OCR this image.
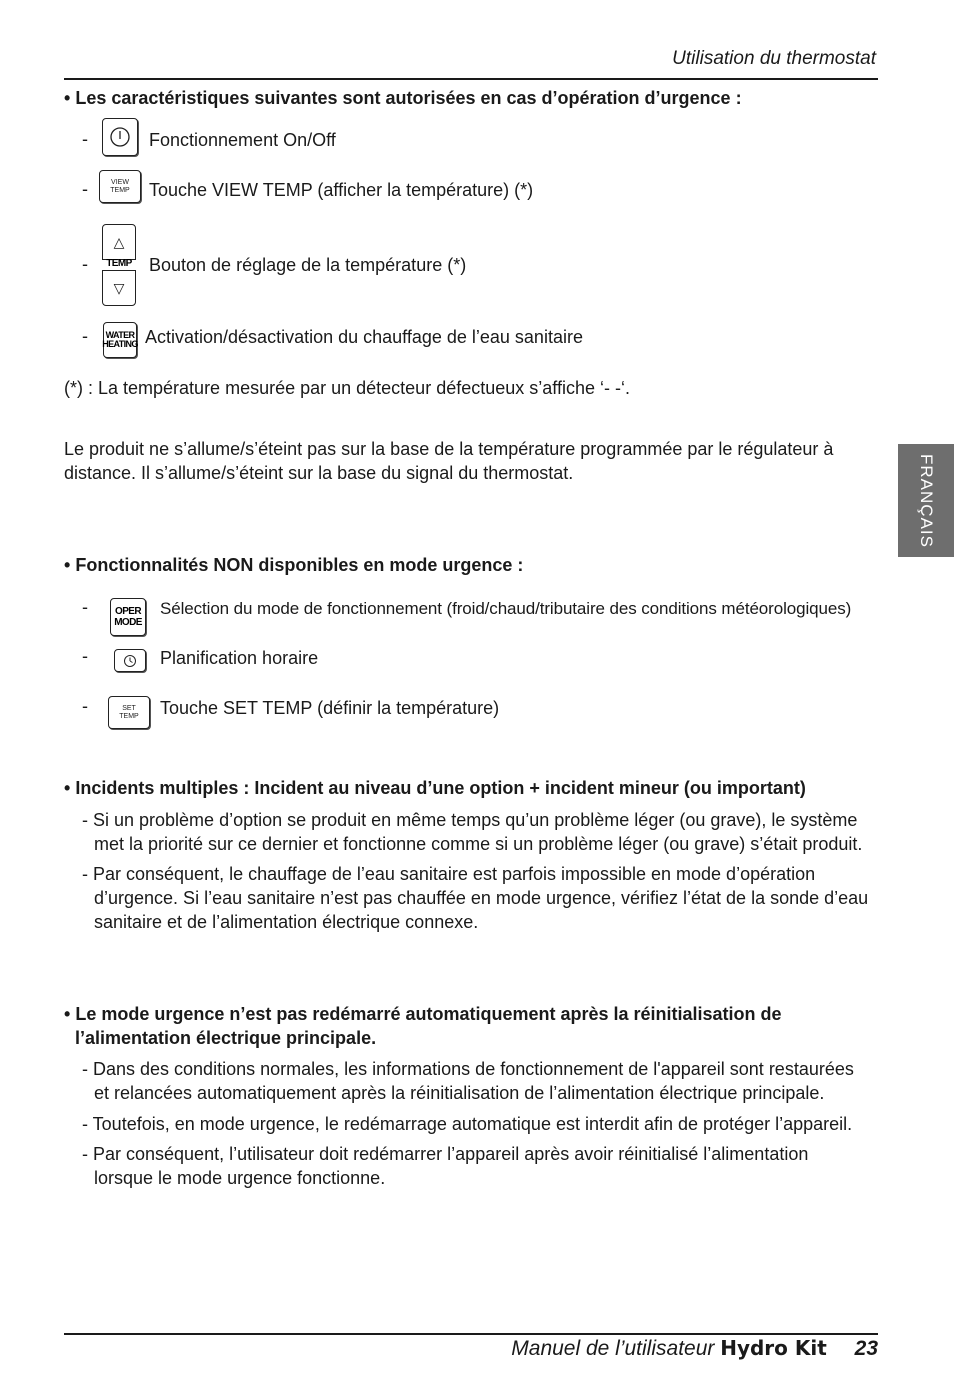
Utilisation du thermostat
FRANÇAIS
• Les caractéristiques suivantes sont autorisées en cas d’opération d’urgence :
-	Fonctionnement On/Off
-	VIEW
TEMP Touche VIEW TEMP (afficher la température) (*)
-
△
TEMP
▽
Bouton de réglage de la température (*)
- WATER
HEATING Activation/désactivation du chauffage de l’eau sanitaire
(*) : La température mesurée par un détecteur défectueux s’affiche ‘- -‘.
Le produit ne s’allume/s’éteint pas sur la base de la température programmée par le régulateur à
distance. Il s’allume/s’éteint sur la base du signal du thermostat.
• Fonctionnalités NON disponibles en mode urgence :
-	OPER
MODE
Sélection du mode de fonctionnement (froid/chaud/tributaire des conditions météorologiques)
-	Planification horaire
-	SET
TEMP Touche SET TEMP (définir la température)
• Incidents multiples : Incident au niveau d’une option + incident mineur (ou important)
- Si un problème d’option se produit en même temps qu’un problème léger (ou grave), le système
met la priorité sur ce dernier et fonctionne comme si un problème léger (ou grave) s’était produit.
- Par conséquent, le chauffage de l’eau sanitaire est parfois impossible en mode d’opération
d’urgence. Si l’eau sanitaire n’est pas chauffée en mode urgence, vérifiez l’état de la sonde d’eau
sanitaire et de l’alimentation électrique connexe.
• Le mode urgence n’est pas redémarré automatiquement après la réinitialisation de
l’alimentation électrique principale.
- Dans des conditions normales, les informations de fonctionnement de l'appareil sont restaurées
et relancées automatiquement après la réinitialisation de l’alimentation électrique principale.
- Toutefois, en mode urgence, le redémarrage automatique est interdit afin de protéger l’appareil.
- Par conséquent, l’utilisateur doit redémarrer l’appareil après avoir réinitialisé l’alimentation
lorsque le mode urgence fonctionne.
Manuel de l’utilisateur Hydro Kit 23
